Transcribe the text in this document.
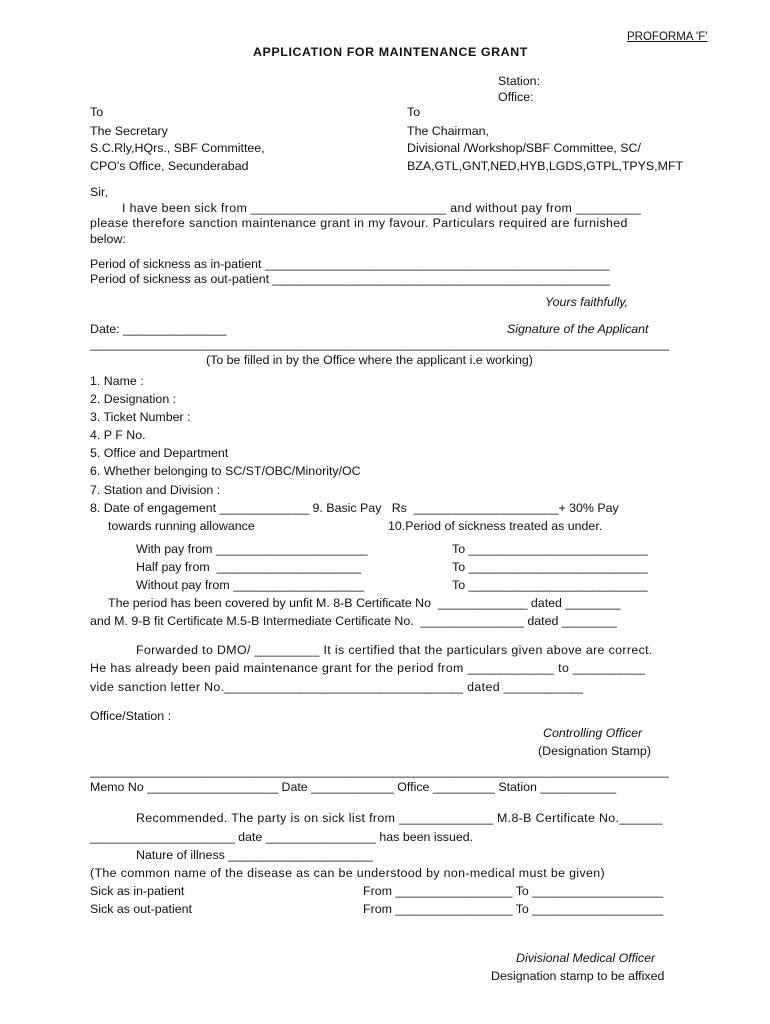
PROFORMA 'F'
APPLICATION FOR MAINTENANCE GRANT
Station:
Office:
To
The Secretary
S.C.Rly,HQrs., SBF Committee,
CPO's Office, Secunderabad
To
The Chairman,
Divisional /Workshop/SBF Committee, SC/
BZA,GTL,GNT,NED,HYB,LGDS,GTPL,TPYS,MFT
Sir,
I have been sick from ___________________________ and without pay from _________
please therefore sanction maintenance grant in my favour. Particulars required are furnished
below:
Period of sickness as in-patient __________________________________________________
Period of sickness as out-patient _________________________________________________
Yours faithfully,
Date: _______________	Signature of the Applicant
____________________________________________________________________________________
(To be filled in by the Office where the applicant i.e working)
1. Name :
2. Designation :
3. Ticket Number :
4. P F No.
5. Office and Department
6. Whether belonging to SC/ST/OBC/Minority/OC
7. Station and Division :
8. Date of engagement _____________ 9. Basic Pay   Rs  _____________________+ 30% Pay
towards running allowance	10.Period of sickness treated as under.
With pay from ______________________	To __________________________
Half pay from  _____________________	To __________________________
Without pay from ___________________	To __________________________
The period has been covered by unfit M. 8-B Certificate No  _____________ dated ________
and M. 9-B fit Certificate M.5-B Intermediate Certificate No.  _______________ dated ________
Forwarded to DMO/ _________ It is certified that the particulars given above are correct.
He has already been paid maintenance grant for the period from ____________ to __________
vide sanction letter No._________________________________ dated ___________
Office/Station :
Controlling Officer
(Designation Stamp)
____________________________________________________________________________________
Memo No ___________________ Date ____________ Office _________ Station ___________
Recommended. The party is on sick list from _____________ M.8-B Certificate No.______
_____________________ date ________________ has been issued.
Nature of illness _____________________
(The common name of the disease as can be understood by non-medical must be given)
Sick as in-patient	From _________________ To ___________________
Sick as out-patient	From _________________ To ___________________
Divisional Medical Officer
Designation stamp to be affixed
